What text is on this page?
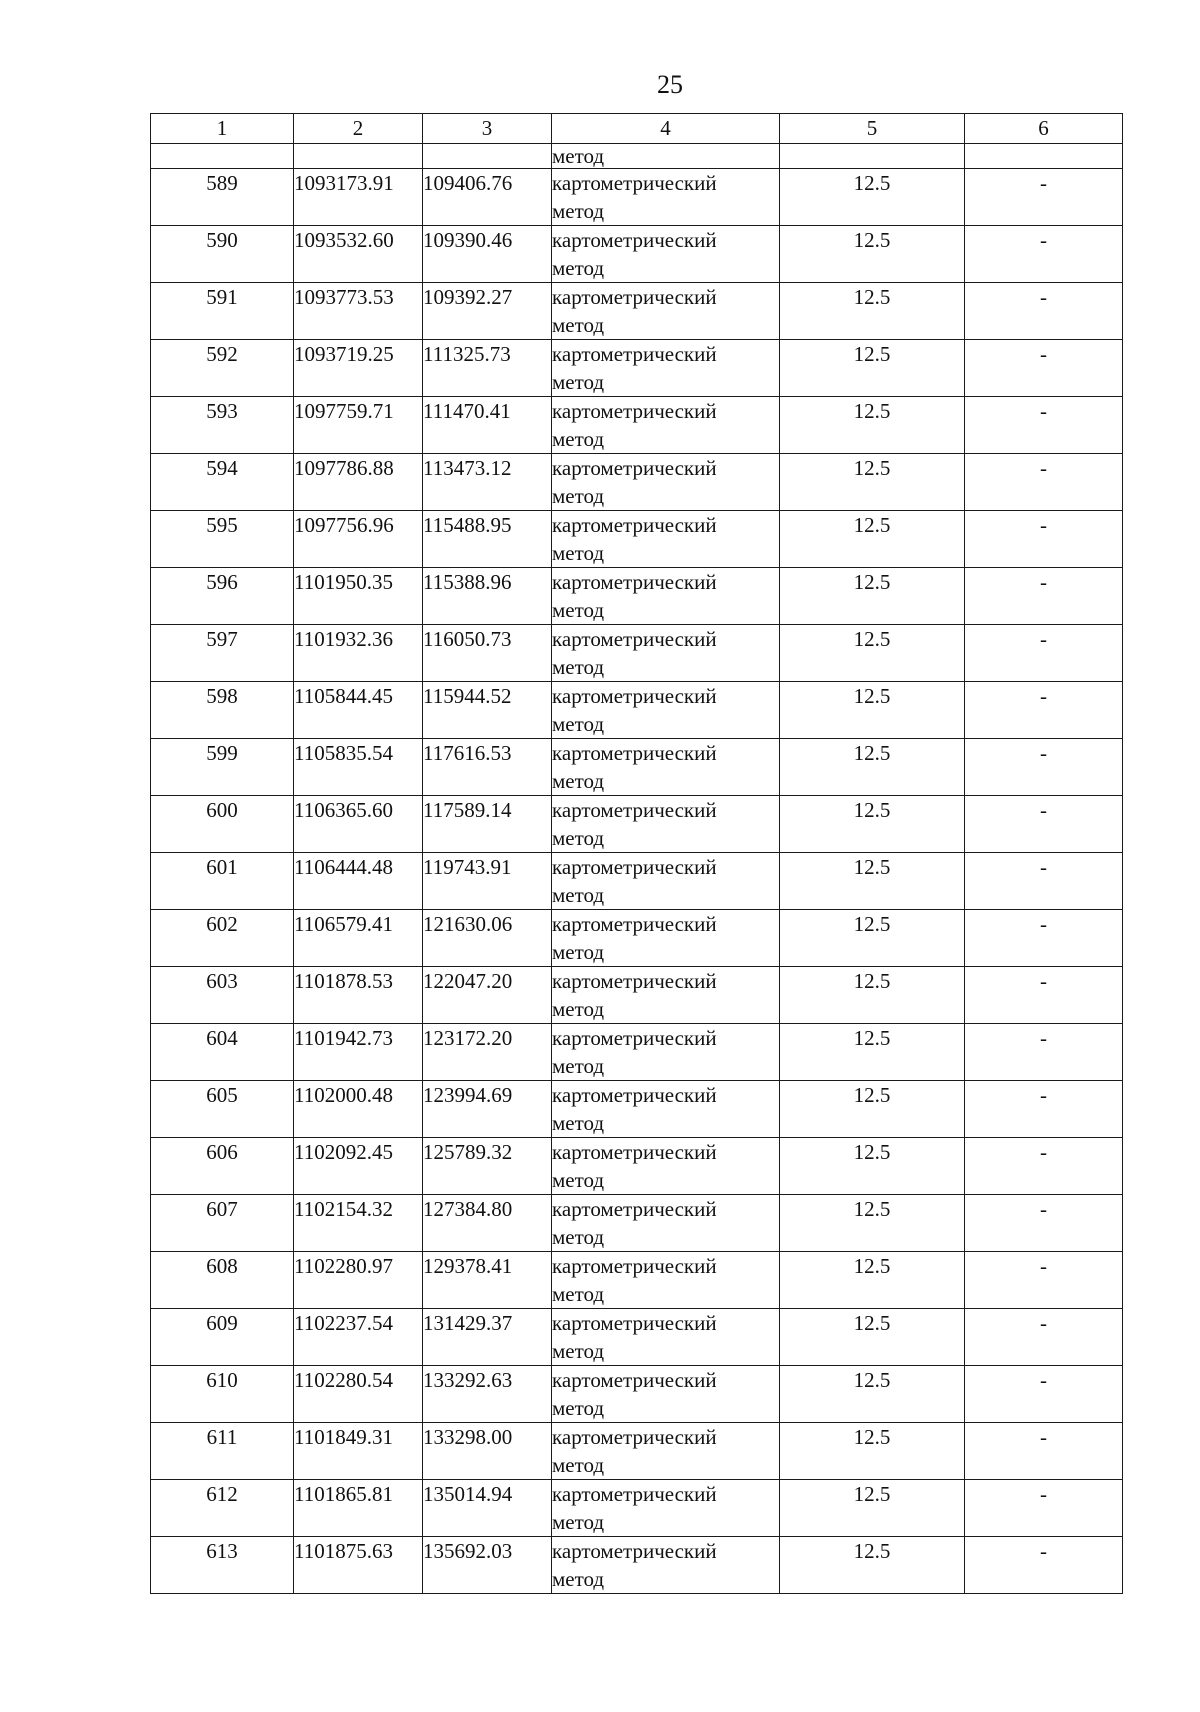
25
1	2	3	4	5	6
			метод		
589	1093173.91	109406.76	картометрический
метод	12.5	-
590	1093532.60	109390.46	картометрический
метод	12.5	-
591	1093773.53	109392.27	картометрический
метод	12.5	-
592	1093719.25	111325.73	картометрический
метод	12.5	-
593	1097759.71	111470.41	картометрический
метод	12.5	-
594	1097786.88	113473.12	картометрический
метод	12.5	-
595	1097756.96	115488.95	картометрический
метод	12.5	-
596	1101950.35	115388.96	картометрический
метод	12.5	-
597	1101932.36	116050.73	картометрический
метод	12.5	-
598	1105844.45	115944.52	картометрический
метод	12.5	-
599	1105835.54	117616.53	картометрический
метод	12.5	-
600	1106365.60	117589.14	картометрический
метод	12.5	-
601	1106444.48	119743.91	картометрический
метод	12.5	-
602	1106579.41	121630.06	картометрический
метод	12.5	-
603	1101878.53	122047.20	картометрический
метод	12.5	-
604	1101942.73	123172.20	картометрический
метод	12.5	-
605	1102000.48	123994.69	картометрический
метод	12.5	-
606	1102092.45	125789.32	картометрический
метод	12.5	-
607	1102154.32	127384.80	картометрический
метод	12.5	-
608	1102280.97	129378.41	картометрический
метод	12.5	-
609	1102237.54	131429.37	картометрический
метод	12.5	-
610	1102280.54	133292.63	картометрический
метод	12.5	-
611	1101849.31	133298.00	картометрический
метод	12.5	-
612	1101865.81	135014.94	картометрический
метод	12.5	-
613	1101875.63	135692.03	картометрический
метод	12.5	-
